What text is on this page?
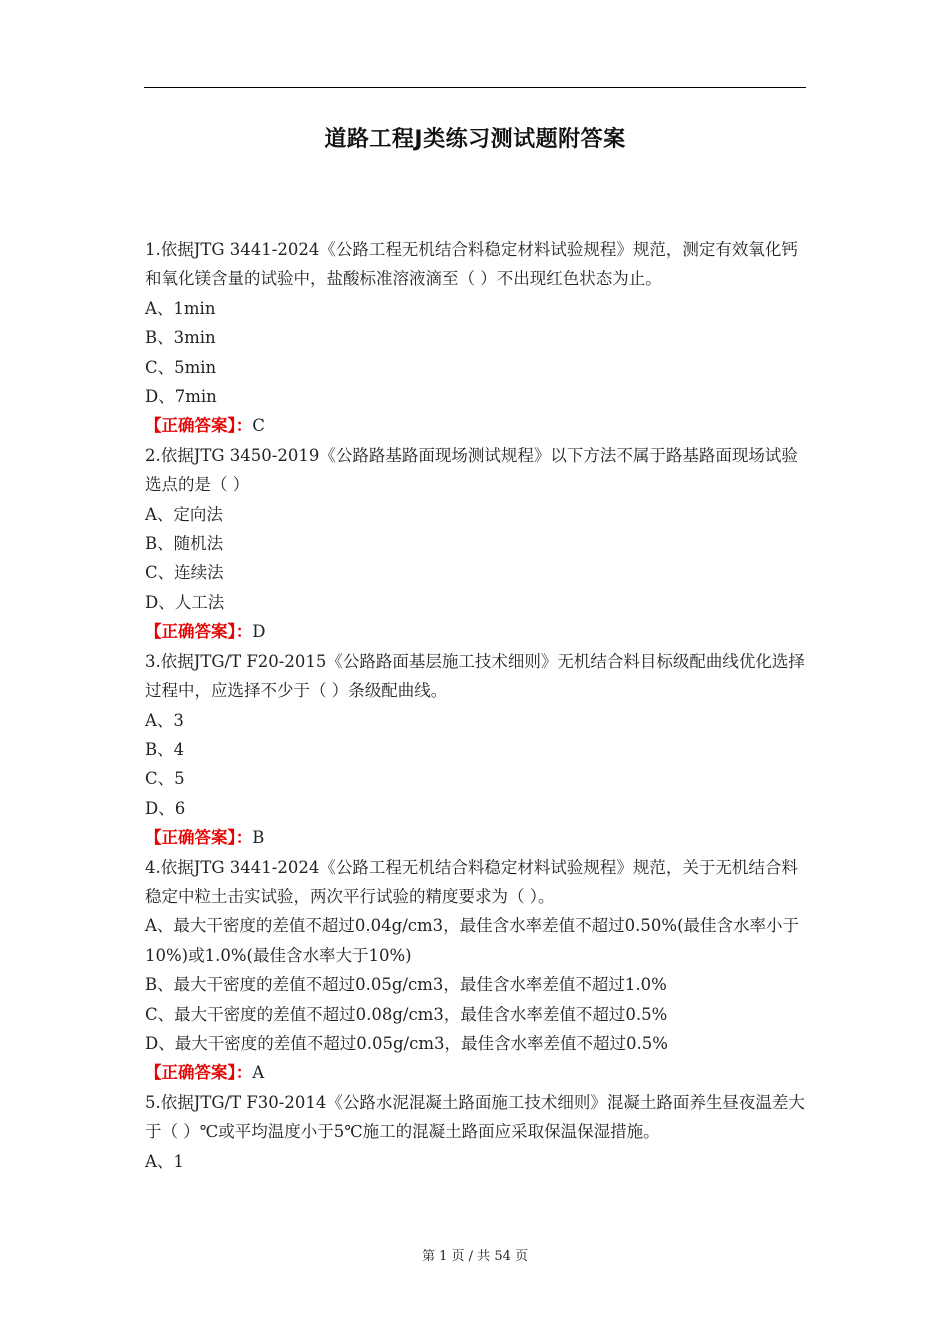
道路工程J类练习测试题附答案

1.依据JTG 3441-2024《公路工程无机结合料稳定材料试验规程》规范，测定有效氧化钙和氧化镁含量的试验中，盐酸标准溶液滴至（ ）不出现红色状态为止。

A、1min

B、3min

C、5min

D、7min

【正确答案】：C

2.依据JTG 3450-2019《公路路基路面现场测试规程》以下方法不属于路基路面现场试验选点的是（ ）

A、定向法

B、随机法

C、连续法

D、人工法

【正确答案】：D

3.依据JTG/T F20-2015《公路路面基层施工技术细则》无机结合料目标级配曲线优化选择过程中，应选择不少于（ ）条级配曲线。

A、3

B、4

C、5

D、6

【正确答案】：B

4.依据JTG 3441-2024《公路工程无机结合料稳定材料试验规程》规范，关于无机结合料稳定中粒土击实试验，两次平行试验的精度要求为（ ）。

A、最大干密度的差值不超过0.04g/cm3，最佳含水率差值不超过0.50%(最佳含水率小于10%)或1.0%(最佳含水率大于10%)

B、最大干密度的差值不超过0.05g/cm3，最佳含水率差值不超过1.0%

C、最大干密度的差值不超过0.08g/cm3，最佳含水率差值不超过0.5%

D、最大干密度的差值不超过0.05g/cm3，最佳含水率差值不超过0.5%

【正确答案】：A

5.依据JTG/T F30-2014《公路水泥混凝土路面施工技术细则》混凝土路面养生昼夜温差大于（ ）℃或平均温度小于5℃施工的混凝土路面应采取保温保湿措施。

A、1

第 1 页 / 共 54 页
